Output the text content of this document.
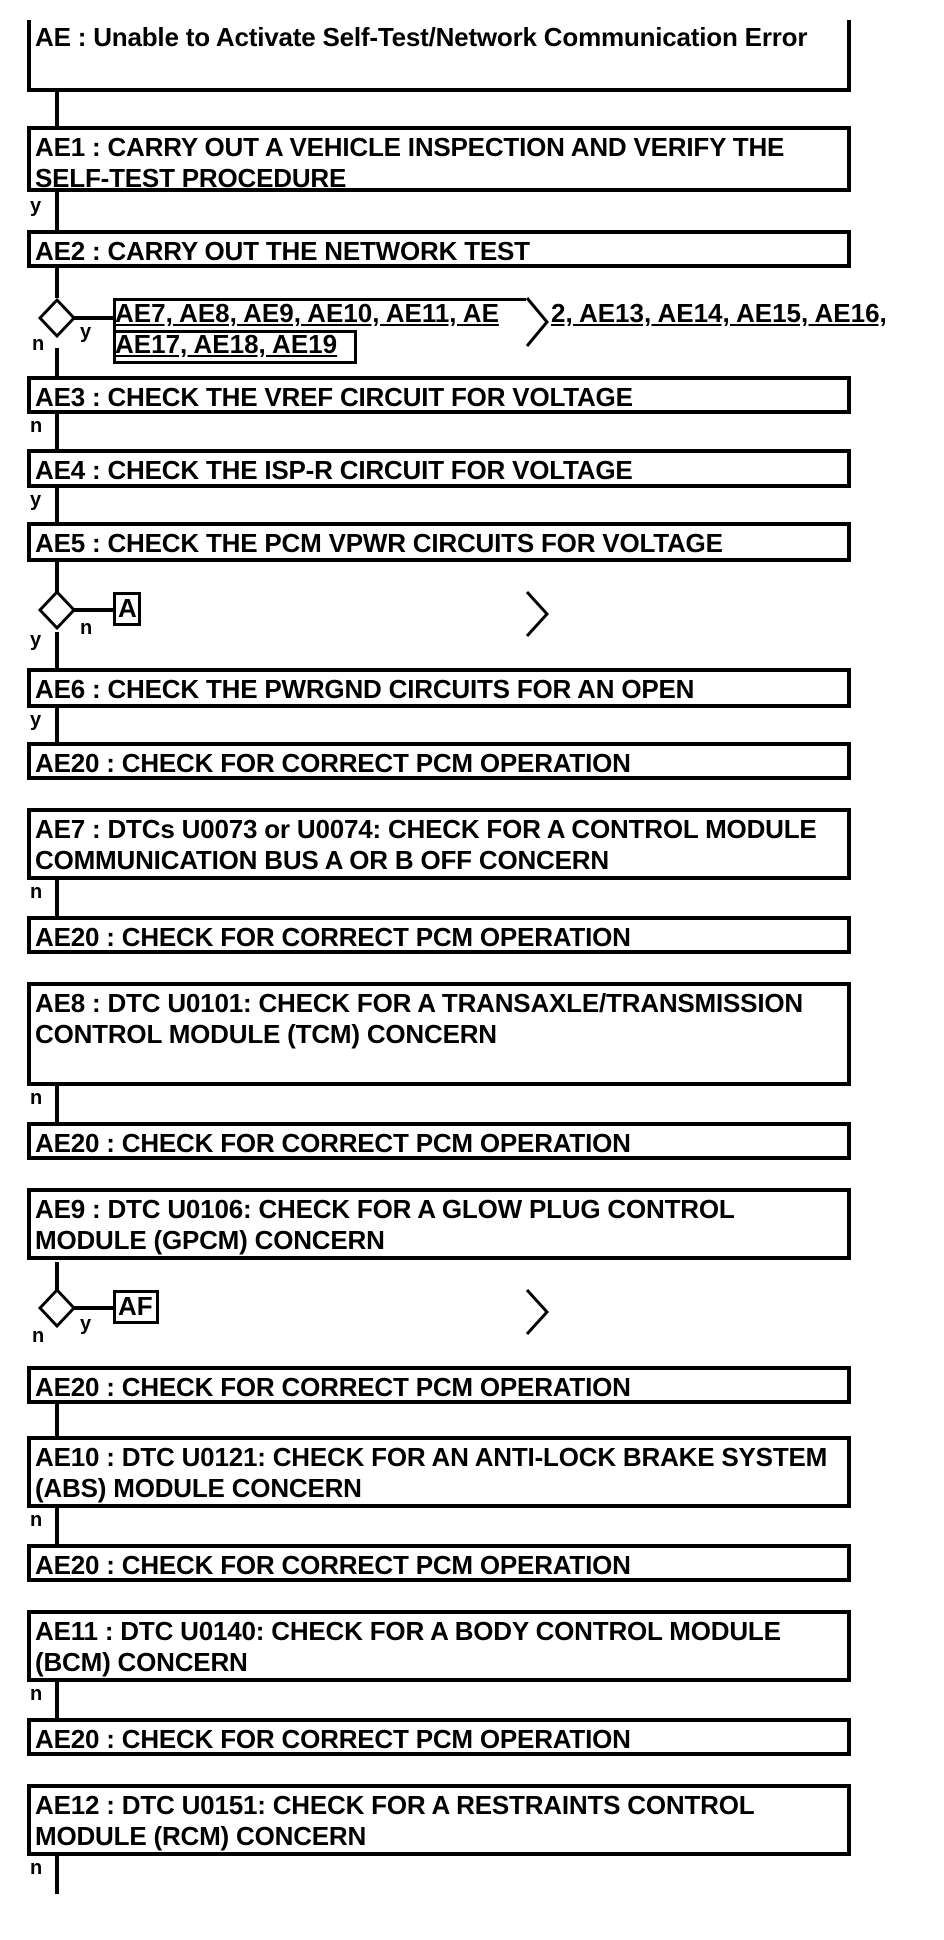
AE : Unable to Activate Self-Test/Network Communication Error
AE1 : CARRY OUT A VEHICLE INSPECTION AND VERIFY THE SELF-TEST PROCEDURE
y
AE2 : CARRY OUT THE NETWORK TEST
y
n
AE7, AE8, AE9, AE10, AE11, AE 2, AE13, AE14, AE15, AE16,
AE17, AE18, AE19
AE3 : CHECK THE VREF CIRCUIT FOR VOLTAGE
n
AE4 : CHECK THE ISP-R CIRCUIT FOR VOLTAGE
y
AE5 : CHECK THE PCM VPWR CIRCUITS FOR VOLTAGE
A
n
y
AE6 : CHECK THE PWRGND CIRCUITS FOR AN OPEN
y
AE20 : CHECK FOR CORRECT PCM OPERATION
AE7 : DTCs U0073 or U0074: CHECK FOR A CONTROL MODULE COMMUNICATION BUS A OR B OFF CONCERN
n
AE20 : CHECK FOR CORRECT PCM OPERATION
AE8 : DTC U0101: CHECK FOR A TRANSAXLE/TRANSMISSION CONTROL MODULE (TCM) CONCERN
n
AE20 : CHECK FOR CORRECT PCM OPERATION
AE9 : DTC U0106: CHECK FOR A GLOW PLUG CONTROL MODULE (GPCM) CONCERN
AF
y
n
AE20 : CHECK FOR CORRECT PCM OPERATION
AE10 : DTC U0121: CHECK FOR AN ANTI-LOCK BRAKE SYSTEM (ABS) MODULE CONCERN
n
AE20 : CHECK FOR CORRECT PCM OPERATION
AE11 : DTC U0140: CHECK FOR A BODY CONTROL MODULE (BCM) CONCERN
n
AE20 : CHECK FOR CORRECT PCM OPERATION
AE12 : DTC U0151: CHECK FOR A RESTRAINTS CONTROL MODULE (RCM) CONCERN
n
